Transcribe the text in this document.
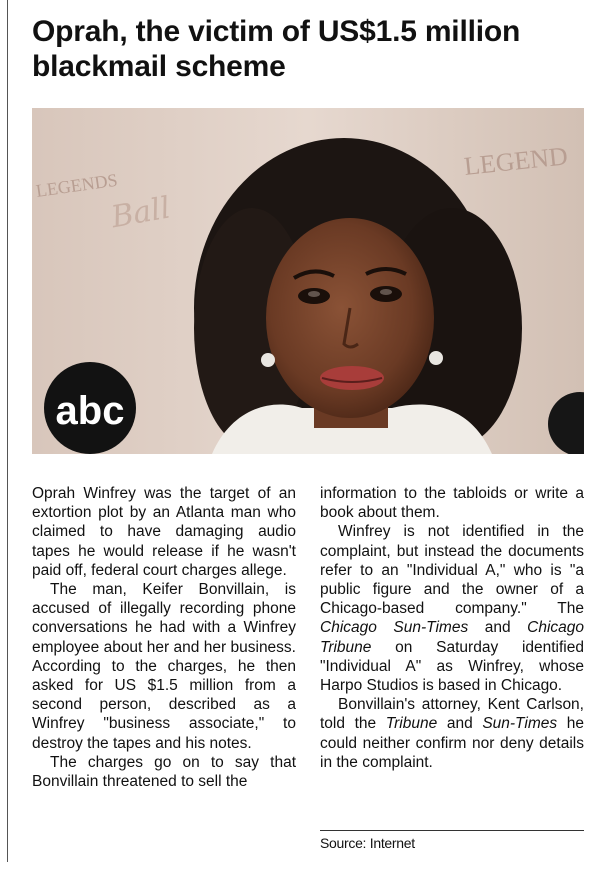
Oprah, the victim of US$1.5 million blackmail scheme
LEGENDS
Ball
LEGEND
abc

Oprah Winfrey was the target of an extortion plot by an Atlanta man who claimed to have damaging audio tapes he would release if he wasn't paid off, federal court charges allege.

The man, Keifer Bonvillain, is accused of illegally recording phone conversations he had with a Winfrey employee about her and her business. According to the charges, he then asked for US $1.5 million from a second person, described as a Winfrey "business associate," to destroy the tapes and his notes.

The charges go on to say that Bonvillain threatened to sell the

information to the tabloids or write a book about them.

Winfrey is not identified in the complaint, but instead the documents refer to an "Individual A," who is "a public figure and the owner of a Chicago-based company." The Chicago Sun-Times and Chicago Tribune on Saturday identified "Individual A" as Winfrey, whose Harpo Studios is based in Chicago.

Bonvillain's attorney, Kent Carlson, told the Tribune and Sun-Times he could neither confirm nor deny details in the complaint.

Source: Internet
